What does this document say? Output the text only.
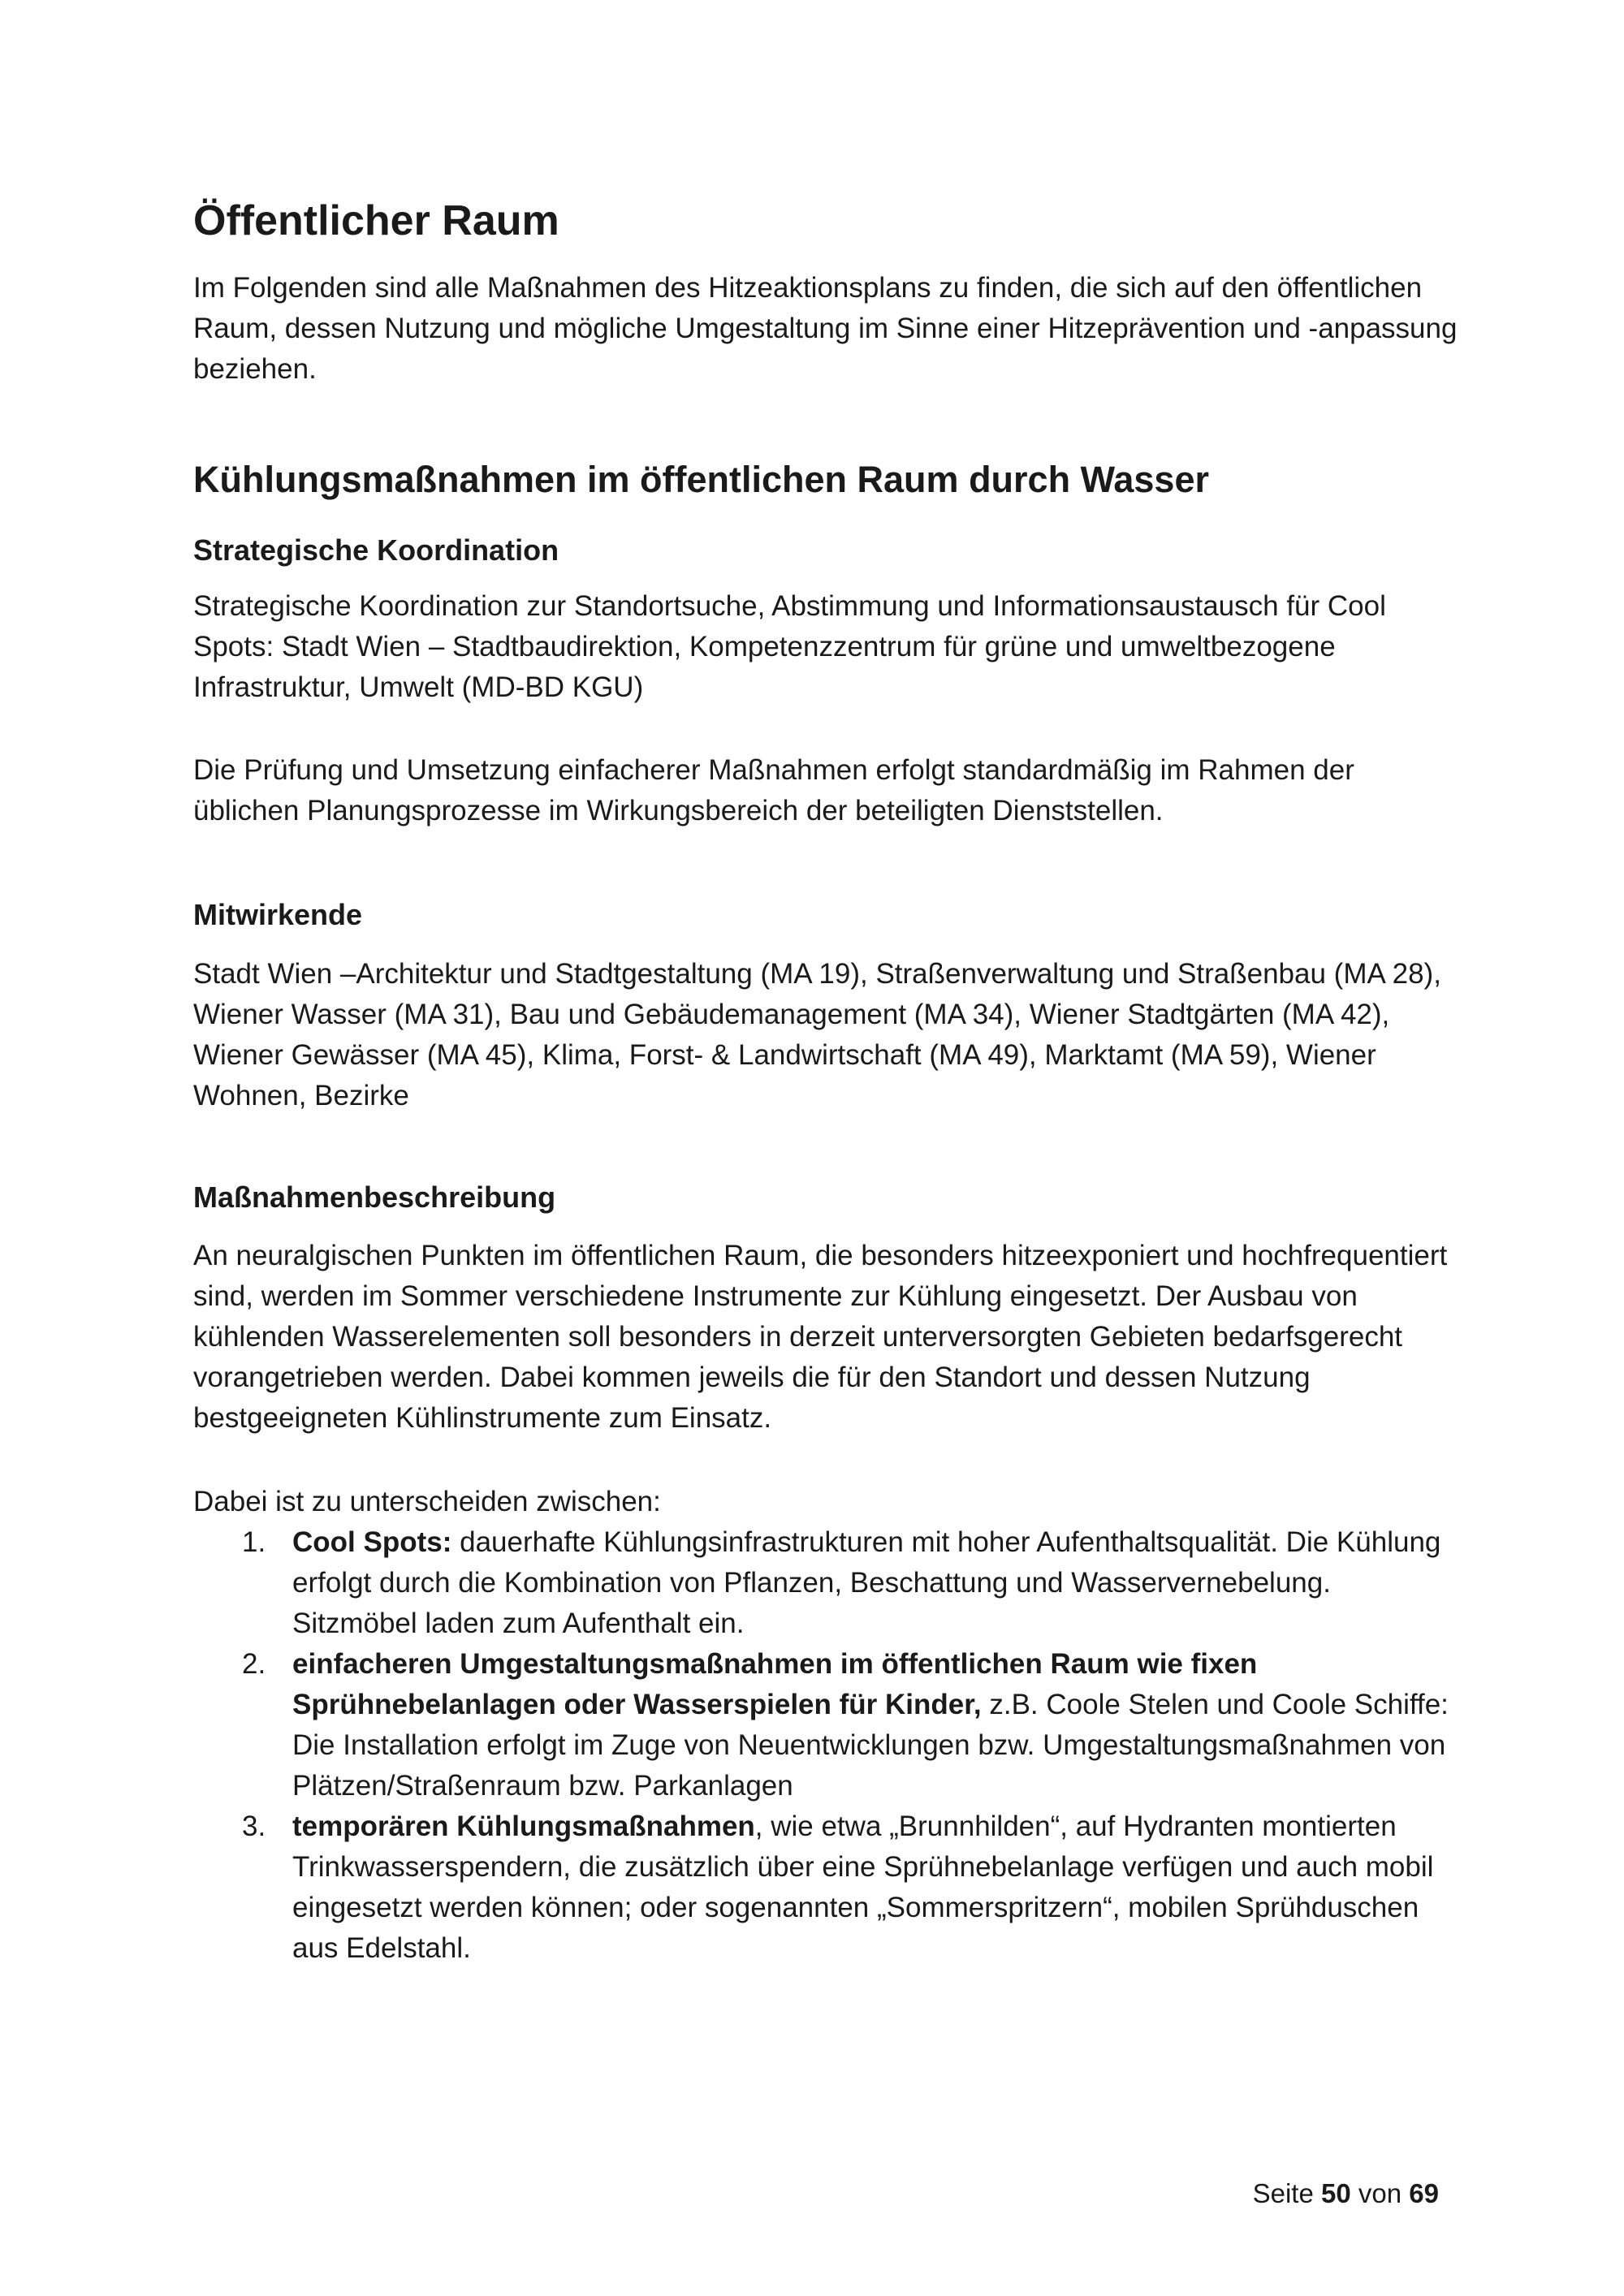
Öffentlicher Raum

Im Folgenden sind alle Maßnahmen des Hitzeaktionsplans zu finden, die sich auf den öffentlichen Raum, dessen Nutzung und mögliche Umgestaltung im Sinne einer Hitzeprävention und -anpassung beziehen.

Kühlungsmaßnahmen im öffentlichen Raum durch Wasser
Strategische Koordination

Strategische Koordination zur Standortsuche, Abstimmung und Informationsaustausch für Cool Spots: Stadt Wien – Stadtbaudirektion, Kompetenzzentrum für grüne und umweltbezogene Infrastruktur, Umwelt (MD-BD KGU)

Die Prüfung und Umsetzung einfacherer Maßnahmen erfolgt standardmäßig im Rahmen der üblichen Planungsprozesse im Wirkungsbereich der beteiligten Dienststellen.

Mitwirkende

Stadt Wien –Architektur und Stadtgestaltung (MA 19), Straßenverwaltung und Straßenbau (MA 28), Wiener Wasser (MA 31), Bau und Gebäudemanagement (MA 34), Wiener Stadtgärten (MA 42), Wiener Gewässer (MA 45), Klima, Forst- & Landwirtschaft (MA 49), Marktamt (MA 59), Wiener Wohnen, Bezirke

Maßnahmenbeschreibung

An neuralgischen Punkten im öffentlichen Raum, die besonders hitzeexponiert und hochfrequentiert sind, werden im Sommer verschiedene Instrumente zur Kühlung eingesetzt. Der Ausbau von kühlenden Wasserelementen soll besonders in derzeit unterversorgten Gebieten bedarfsgerecht vorangetrieben werden. Dabei kommen jeweils die für den Standort und dessen Nutzung bestgeeigneten Kühlinstrumente zum Einsatz.

Dabei ist zu unterscheiden zwischen:

1. Cool Spots: dauerhafte Kühlungsinfrastrukturen mit hoher Aufenthaltsqualität. Die Kühlung erfolgt durch die Kombination von Pflanzen, Beschattung und Wasservernebelung. Sitzmöbel laden zum Aufenthalt ein.
2. einfacheren Umgestaltungsmaßnahmen im öffentlichen Raum wie fixen Sprühnebelanlagen oder Wasserspielen für Kinder, z.B. Coole Stelen und Coole Schiffe: Die Installation erfolgt im Zuge von Neuentwicklungen bzw. Umgestaltungsmaßnahmen von Plätzen/Straßenraum bzw. Parkanlagen
3. temporären Kühlungsmaßnahmen, wie etwa „Brunnhilden“, auf Hydranten montierten Trinkwasserspendern, die zusätzlich über eine Sprühnebelanlage verfügen und auch mobil eingesetzt werden können; oder sogenannten „Sommerspritzern“, mobilen Sprühduschen aus Edelstahl.
Seite 50 von 69
